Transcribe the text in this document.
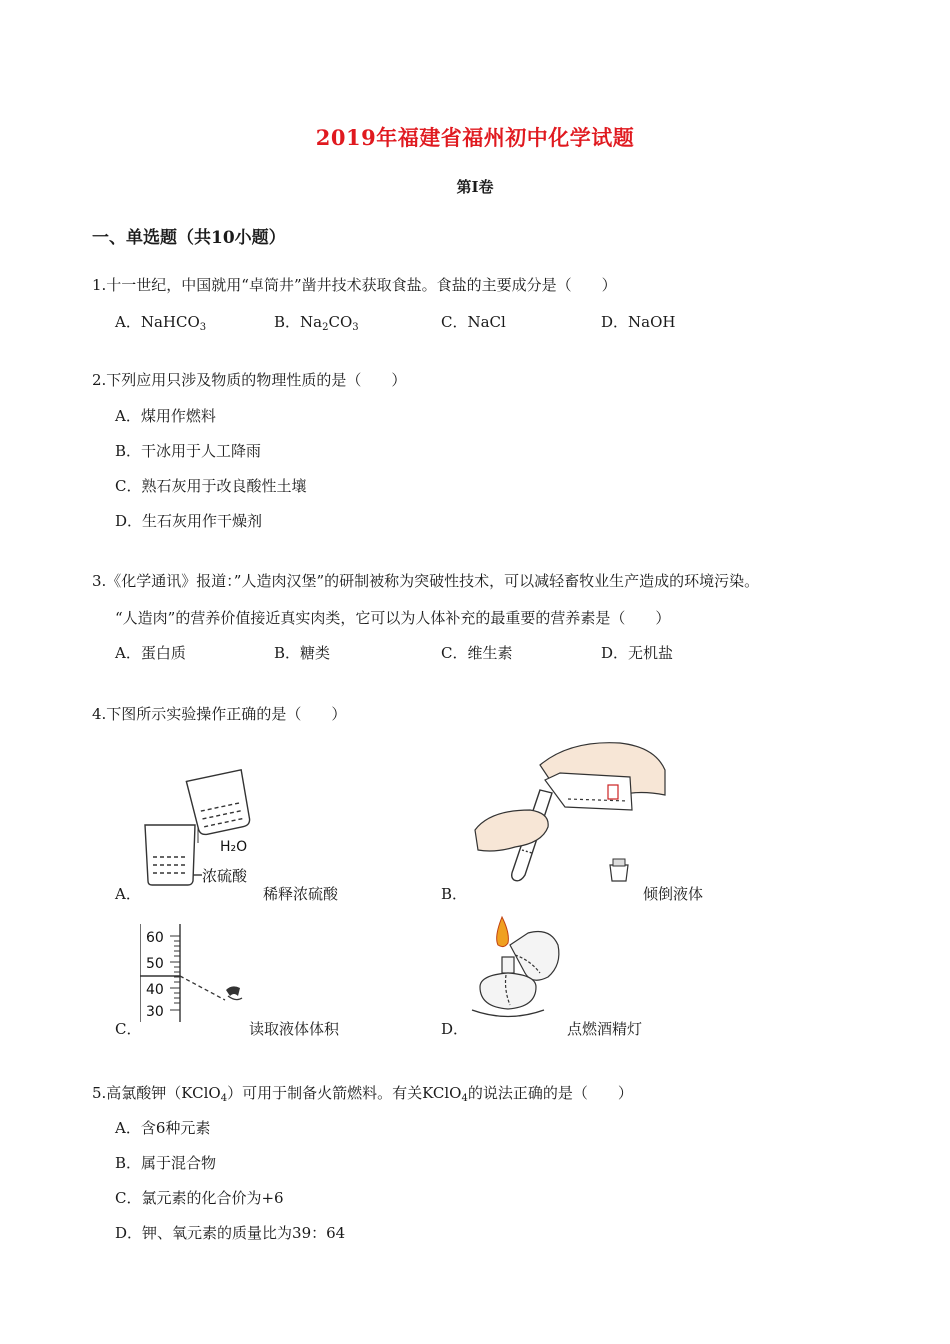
2019年福建省福州初中化学试题
第Ⅰ卷
一、单选题（共10小题）
1.十一世纪，中国就用“卓筒井”凿井技术获取食盐。食盐的主要成分是（　　）
A．NaHCO$_3$	B．$Na_2CO_3$	C．NaCl	D．NaOH
2.下列应用只涉及物质的物理性质的是（　　）
A．煤用作燃料
B．干冰用于人工降雨
C．熟石灰用于改良酸性土壤
D．生石灰用作干燥剂
3.《化学通讯》报道：”人造肉汉堡”的研制被称为突破性技术，可以减轻畜牧业生产造成的环境污染。
“人造肉”的营养价值接近真实肉类，它可以为人体补充的最重要的营养素是（　　）
A．蛋白质	B．糖类	C．维生素	D．无机盐
4.下图所示实验操作正确的是（　　）
H₂O
浓硫酸
A．	稀释浓硫酸	B．	倾倒液体
60
50
40
30
C．	读取液体体积	D．	点燃酒精灯
5.高氯酸钾（KClO$_4$）可用于制备火箭燃料。有关KClO$_4$的说法正确的是（　　）
A．含6种元素
B．属于混合物
C．氯元素的化合价为+6
D．钾、氧元素的质量比为39：64
